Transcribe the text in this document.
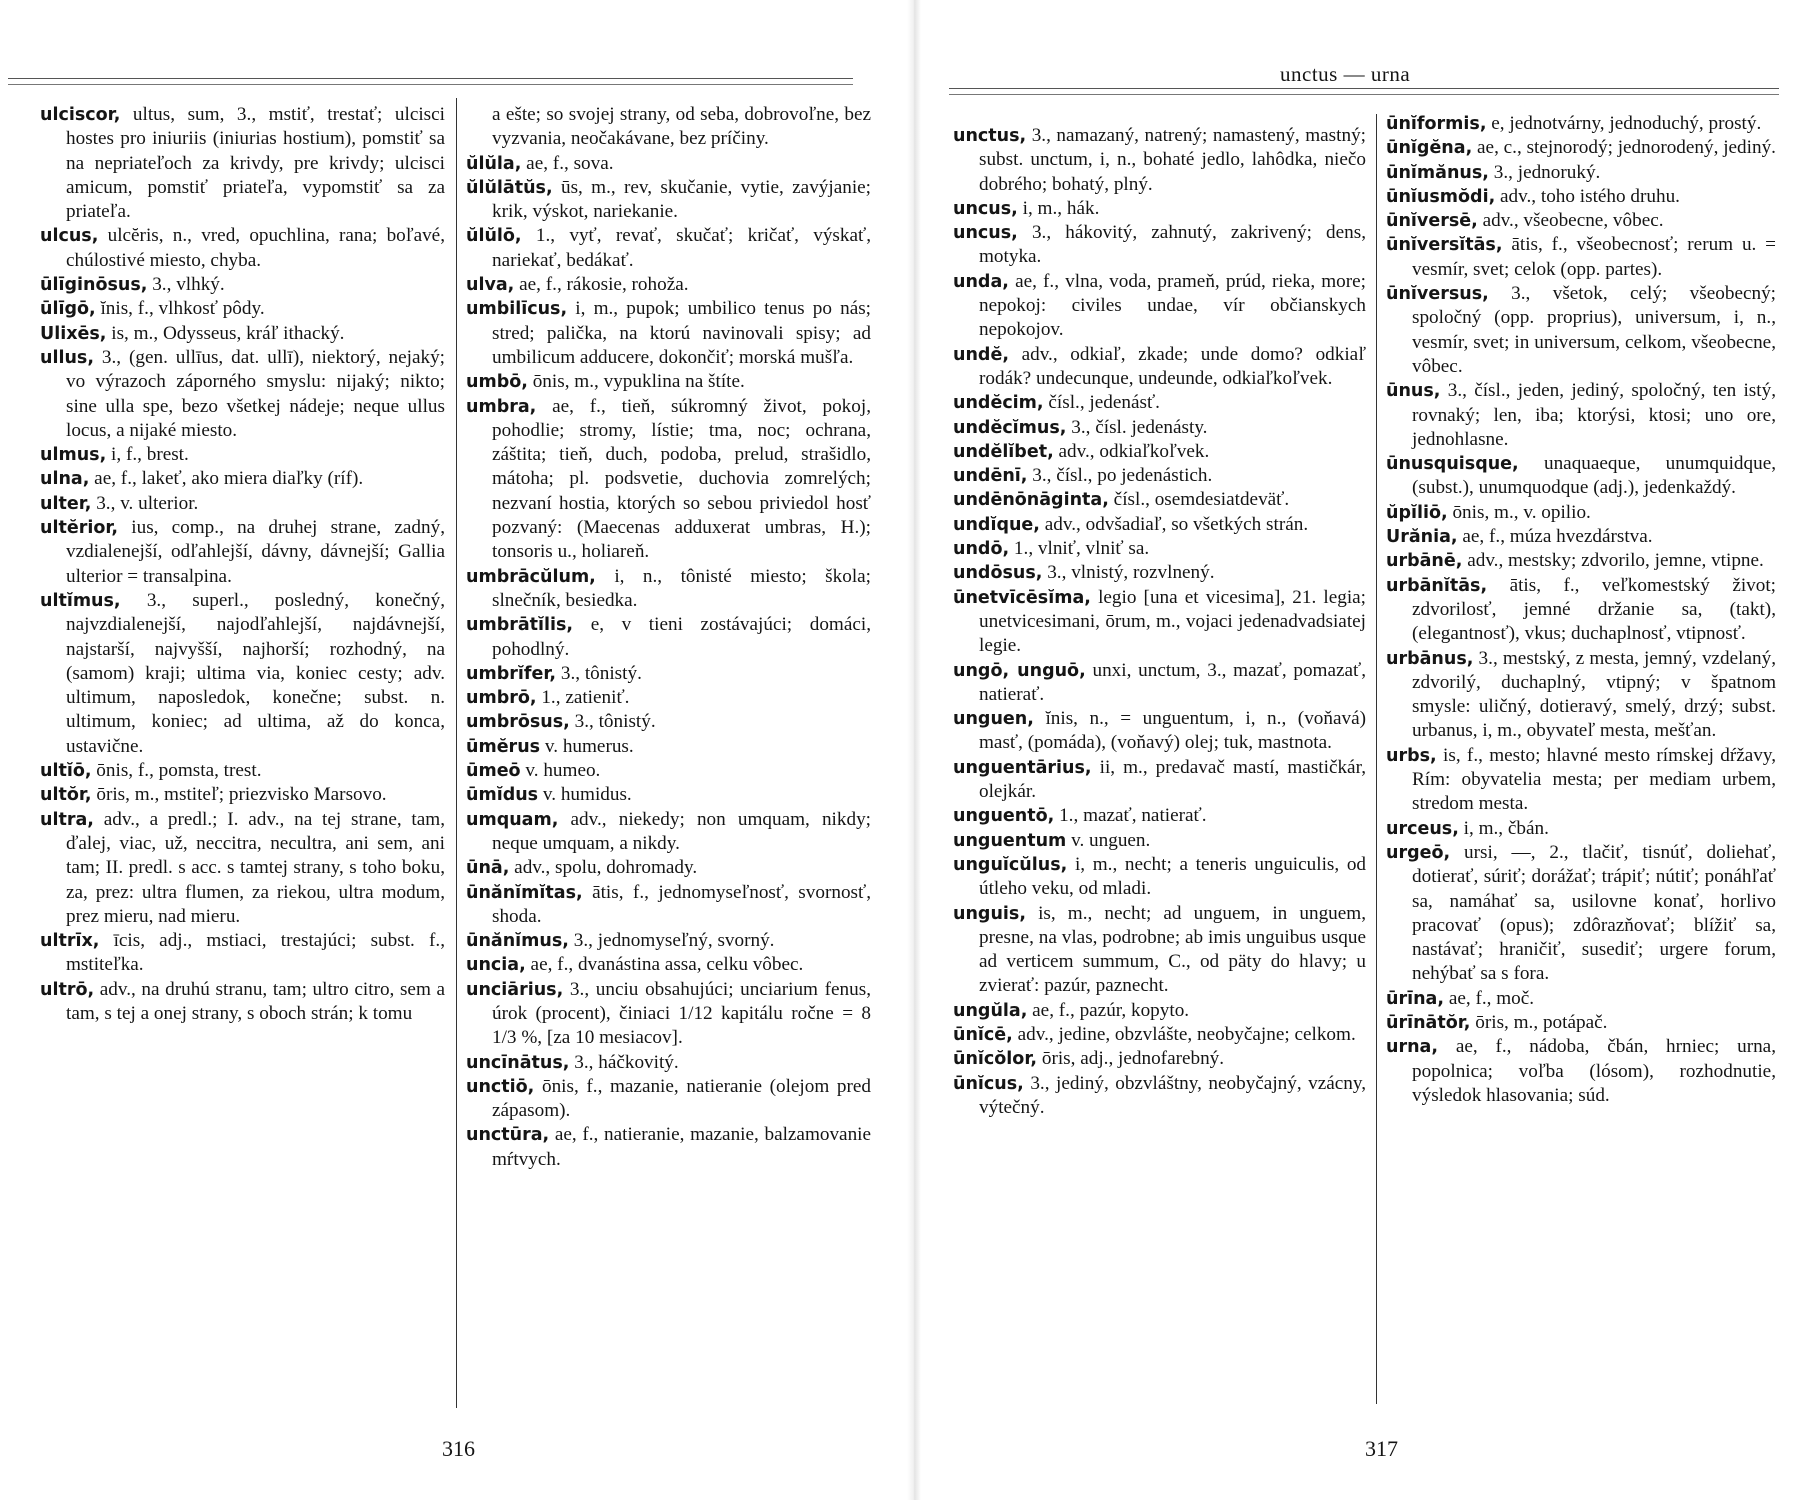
ulciscor, ultus, sum, 3., mstiť, trestať; ulcisci hostes pro iniuriis (iniurias hostium), pomstiť sa na nepriateľoch za krivdy, pre krivdy; ulcisci amicum, pomstiť priateľa, vypomstiť sa za priateľa.

ulcus, ulcĕris, n., vred, opuchlina, rana; boľavé, chúlostivé miesto, chyba.

ūlīginōsus, 3., vlhký.

ūlīgō, ĭnis, f., vlhkosť pôdy.

Ulixēs, is, m., Odysseus, kráľ ithacký.

ullus, 3., (gen. ullīus, dat. ullī), niektorý, nejaký; vo výrazoch záporného smyslu: nijaký; nikto; sine ulla spe, bezo všetkej nádeje; neque ullus locus, a nijaké miesto.

ulmus, i, f., brest.

ulna, ae, f., lakeť, ako miera diaľky (ríf).

ulter, 3., v. ulterior.

ultĕrior, ius, comp., na druhej strane, zadný, vzdialenejší, odľahlejší, dávny, dávnejší; Gallia ulterior = transalpina.

ultĭmus, 3., superl., posledný, konečný, najvzdialenejší, najodľahlejší, najdávnejší, najstarší, najvyšší, najhorší; rozhodný, na (samom) kraji; ultima via, koniec cesty; adv. ultimum, naposledok, konečne; subst. n. ultimum, koniec; ad ultima, až do konca, ustavične.

ultĭō, ōnis, f., pomsta, trest.

ultŏr, ōris, m., mstiteľ; priezvisko Marsovo.

ultra, adv., a predl.; I. adv., na tej strane, tam, ďalej, viac, už, neccitra, necultra, ani sem, ani tam; II. predl. s acc. s tamtej strany, s toho boku, za, prez: ultra flumen, za riekou, ultra modum, prez mieru, nad mieru.

ultrīx, īcis, adj., mstiaci, trestajúci; subst. f., mstiteľka.

ultrō, adv., na druhú stranu, tam; ultro citro, sem a tam, s tej a onej strany, s oboch strán; k tomu

a ešte; so svojej strany, od seba, dobrovoľne, bez vyzvania, neočakávane, bez príčiny.

ŭlŭla, ae, f., sova.

ŭlŭlātŭs, ūs, m., rev, skučanie, vytie, zavýjanie; krik, výskot, nariekanie.

ŭlŭlō, 1., vyť, revať, skučať; kričať, výskať, nariekať, bedákať.

ulva, ae, f., rákosie, rohoža.

umbilīcus, i, m., pupok; umbilico tenus po nás; stred; palička, na ktorú navinovali spisy; ad umbilicum adducere, dokončiť; morská mušľa.

umbō, ōnis, m., vypuklina na štíte.

umbra, ae, f., tieň, súkromný život, pokoj, pohodlie; stromy, lístie; tma, noc; ochrana, záštita; tieň, duch, podoba, prelud, strašidlo, mátoha; pl. podsvetie, duchovia zomrelých; nezvaní hostia, ktorých so sebou priviedol hosť pozvaný: (Maecenas adduxerat umbras, H.); tonsoris u., holiareň.

umbrācŭlum, i, n., tônisté miesto; škola; slnečník, besiedka.

umbrātĭlis, e, v tieni zostávajúci; domáci, pohodlný.

umbrĭfer, 3., tônistý.

umbrō, 1., zatieniť.

umbrōsus, 3., tônistý.

ūmĕrus v. humerus.

ūmeō v. humeo.

ūmĭdus v. humidus.

umquam, adv., niekedy; non umquam, nikdy; neque umquam, a nikdy.

ūnā, adv., spolu, dohromady.

ūnănĭmĭtas, ātis, f., jednomyseľnosť, svornosť, shoda.

ūnănĭmus, 3., jednomyseľný, svorný.

uncia, ae, f., dvanástina assa, celku vôbec.

unciārius, 3., unciu obsahujúci; unciarium fenus, úrok (procent), činiaci 1/12 kapitálu ročne = 8 1/3 %, [za 10 mesiacov].

uncīnātus, 3., háčkovitý.

unctiō, ōnis, f., mazanie, natieranie (olejom pred zápasom).

unctūra, ae, f., natieranie, mazanie, balzamovanie mŕtvych.

316
unctus — urna

unctus, 3., namazaný, natrený; namastený, mastný; subst. unctum, i, n., bohaté jedlo, lahôdka, niečo dobrého; bohatý, plný.

uncus, i, m., hák.

uncus, 3., hákovitý, zahnutý, zakrivený; dens, motyka.

unda, ae, f., vlna, voda, prameň, prúd, rieka, more; nepokoj: civiles undae, vír občianskych nepokojov.

undĕ, adv., odkiaľ, zkade; unde domo? odkiaľ rodák? undecunque, undeunde, odkiaľkoľvek.

undĕcim, čísl., jedenásť.

undĕcĭmus, 3., čísl. jedenásty.

undĕlĭbet, adv., odkiaľkoľvek.

undēnī, 3., čísl., po jedenástich.

undēnōnāginta, čísl., osemdesiatdeväť.

undĭque, adv., odvšadiaľ, so všetkých strán.

undō, 1., vlniť, vlniť sa.

undōsus, 3., vlnistý, rozvlnený.

ūnetvīcēsĭma, legio [una et vicesima], 21. legia; unetvicesimani, ōrum, m., vojaci jedenadvadsiatej legie.

ungō, unguō, unxi, unctum, 3., mazať, pomazať, natierať.

unguen, ĭnis, n., = unguentum, i, n., (voňavá) masť, (pomáda), (voňavý) olej; tuk, mastnota.

unguentārius, ii, m., predavač mastí, mastičkár, olejkár.

unguentō, 1., mazať, natierať.

unguentum v. unguen.

unguĭcŭlus, i, m., necht; a teneris unguiculis, od útleho veku, od mladi.

unguis, is, m., necht; ad unguem, in unguem, presne, na vlas, podrobne; ab imis unguibus usque ad verticem summum, C., od päty do hlavy; u zvierať: pazúr, paznecht.

ungŭla, ae, f., pazúr, kopyto.

ūnĭcē, adv., jedine, obzvlášte, neobyčajne; celkom.

ūnĭcŏlor, ōris, adj., jednofarebný.

ūnĭcus, 3., jediný, obzvláštny, neobyčajný, vzácny, výtečný.

ūnĭformis, e, jednotvárny, jednoduchý, prostý.

ūnĭgĕna, ae, c., stejnorodý; jednorodený, jediný.

ūnĭmănus, 3., jednoruký.

ūnĭusmŏdi, adv., toho istého druhu.

ūnĭversē, adv., všeobecne, vôbec.

ūnĭversĭtās, ātis, f., všeobecnosť; rerum u. = vesmír, svet; celok (opp. partes).

ūnĭversus, 3., všetok, celý; všeobecný; spoločný (opp. proprius), universum, i, n., vesmír, svet; in universum, celkom, všeobecne, vôbec.

ūnus, 3., čísl., jeden, jediný, spoločný, ten istý, rovnaký; len, iba; ktorýsi, ktosi; uno ore, jednohlasne.

ūnusquisque, unaquaeque, unumquidque, (subst.), unumquodque (adj.), jedenkaždý.

ŭpĭliō, ōnis, m., v. opilio.

Urănia, ae, f., múza hvezdárstva.

urbānē, adv., mestsky; zdvorilo, jemne, vtipne.

urbānĭtās, ātis, f., veľkomestský život; zdvorilosť, jemné držanie sa, (takt), (elegantnosť), vkus; duchaplnosť, vtipnosť.

urbānus, 3., mestský, z mesta, jemný, vzdelaný, zdvorilý, duchaplný, vtipný; v špatnom smysle: uličný, dotieravý, smelý, drzý; subst. urbanus, i, m., obyvateľ mesta, mešťan.

urbs, is, f., mesto; hlavné mesto rímskej dŕžavy, Rím: obyvatelia mesta; per mediam urbem, stredom mesta.

urceus, i, m., čbán.

urgeō, ursi, —, 2., tlačiť, tisnúť, doliehať, dotierať, súriť; dorážať; trápiť; nútiť; ponáhľať sa, namáhať sa, usilovne konať, horlivo pracovať (opus); zdôrazňovať; blížiť sa, nastávať; hraničiť, susediť; urgere forum, nehýbať sa s fora.

ūrīna, ae, f., moč.

ūrīnātŏr, ōris, m., potápač.

urna, ae, f., nádoba, čbán, hrniec; urna, popolnica; voľba (lósom), rozhodnutie, výsledok hlasovania; súd.

317
